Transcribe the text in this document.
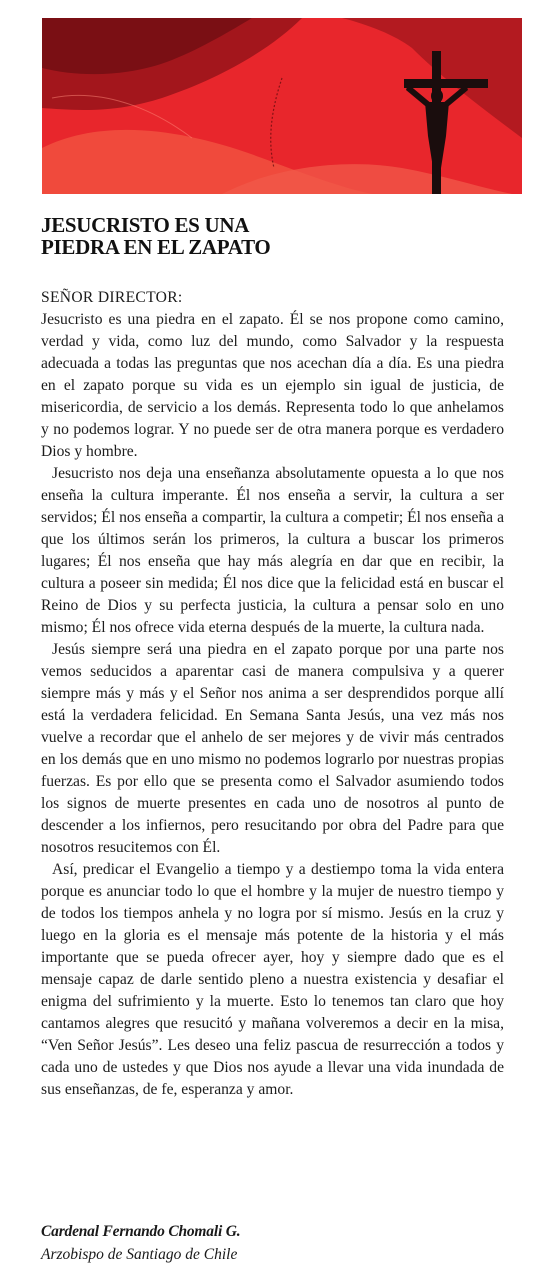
JESUCRISTO ES UNA
PIEDRA EN EL ZAPATO

SEÑOR DIRECTOR:

Jesucristo es una piedra en el zapato. Él se nos propone como camino, verdad y vida, como luz del mundo, como Salvador y la respuesta adecuada a todas las preguntas que nos acechan día a día. Es una piedra en el zapato porque su vida es un ejemplo sin igual de justicia, de misericordia, de servicio a los demás. Representa todo lo que anhelamos y no podemos lograr. Y no puede ser de otra manera porque es verdadero Dios y hombre.

Jesucristo nos deja una enseñanza absolutamente opuesta a lo que nos enseña la cultura imperante. Él nos enseña a servir, la cultura a ser servidos; Él nos enseña a compartir, la cultura a competir; Él nos enseña a que los últimos serán los primeros, la cultura a buscar los primeros lugares; Él nos enseña que hay más alegría en dar que en recibir, la cultura a poseer sin medida; Él nos dice que la felicidad está en buscar el Reino de Dios y su perfecta justicia, la cultura a pensar solo en uno mismo; Él nos ofrece vida eterna después de la muerte, la cultura nada.

Jesús siempre será una piedra en el zapato porque por una parte nos vemos seducidos a aparentar casi de manera compulsiva y a querer siempre más y más y el Señor nos anima a ser desprendidos porque allí está la verdadera felicidad. En Semana Santa Jesús, una vez más nos vuelve a recordar que el anhelo de ser mejores y de vivir más centrados en los demás que en uno mismo no podemos lograrlo por nuestras propias fuerzas. Es por ello que se presenta como el Salvador asumiendo todos los signos de muerte presentes en cada uno de nosotros al punto de descender a los infiernos, pero resucitando por obra del Padre para que nosotros resucitemos con Él.

Así, predicar el Evangelio a tiempo y a destiempo toma la vida entera porque es anunciar todo lo que el hombre y la mujer de nuestro tiempo y de todos los tiempos anhela y no logra por sí mismo. Jesús en la cruz y luego en la gloria es el mensaje más potente de la historia y el más importante que se pueda ofrecer ayer, hoy y siempre dado que es el mensaje capaz de darle sentido pleno a nuestra existencia y desafiar el enigma del sufrimiento y la muerte. Esto lo tenemos tan claro que hoy cantamos alegres que resucitó y mañana volveremos a decir en la misa, “Ven Señor Jesús”. Les deseo una feliz pascua de resurrección a todos y cada uno de ustedes y que Dios nos ayude a llevar una vida inundada de sus enseñanzas, de fe, esperanza y amor.

Cardenal Fernando Chomali G.
Arzobispo de Santiago de Chile
